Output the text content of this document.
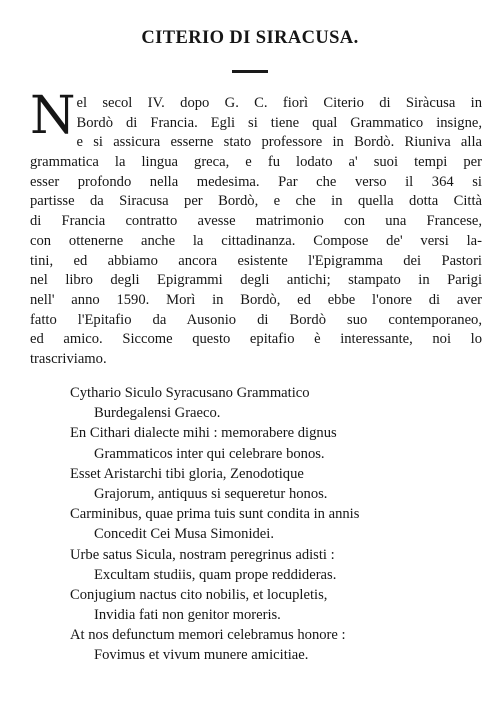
CITERIO DI SIRACUSA.
N el secol IV. dopo G. C. fiorì Citerio di Siràcusa in
Bordò di Francia. Egli si tiene qual Grammatico insigne,
e si assicura esserne stato professore in Bordò. Riuniva alla
grammatica la lingua greca, e fu lodato a' suoi tempi per
esser profondo nella medesima. Par che verso il 364 si
partisse da Siracusa per Bordò, e che in quella dotta Città
di Francia contratto avesse matrimonio con una Francese,
con ottenerne anche la cittadinanza. Compose de' versi la-
tini, ed abbiamo ancora esistente l'Epigramma dei Pastori
nel libro degli Epigrammi degli antichi; stampato in Parigi
nell' anno 1590. Morì in Bordò, ed ebbe l'onore di aver
fatto l'Epitafio da Ausonio di Bordò suo contemporaneo,
ed amico. Siccome questo epitafio è interessante, noi lo
trascriviamo.
Cythario Siculo Syracusano Grammatico
Burdegalensi Graeco.
En Cithari dialecte mihi : memorabere dignus
Grammaticos inter qui celebrare bonos.
Esset Aristarchi tibi gloria, Zenodotique
Grajorum, antiquus si sequeretur honos.
Carminibus, quae prima tuis sunt condita in annis
Concedit Cei Musa Simonidei.
Urbe satus Sicula, nostram peregrinus adisti :
Excultam studiis, quam prope reddideras.
Conjugium nactus cito nobilis, et locupletis,
Invidia fati non genitor moreris.
At nos defunctum memori celebramus honore :
Fovimus et vivum munere amicitiae.
